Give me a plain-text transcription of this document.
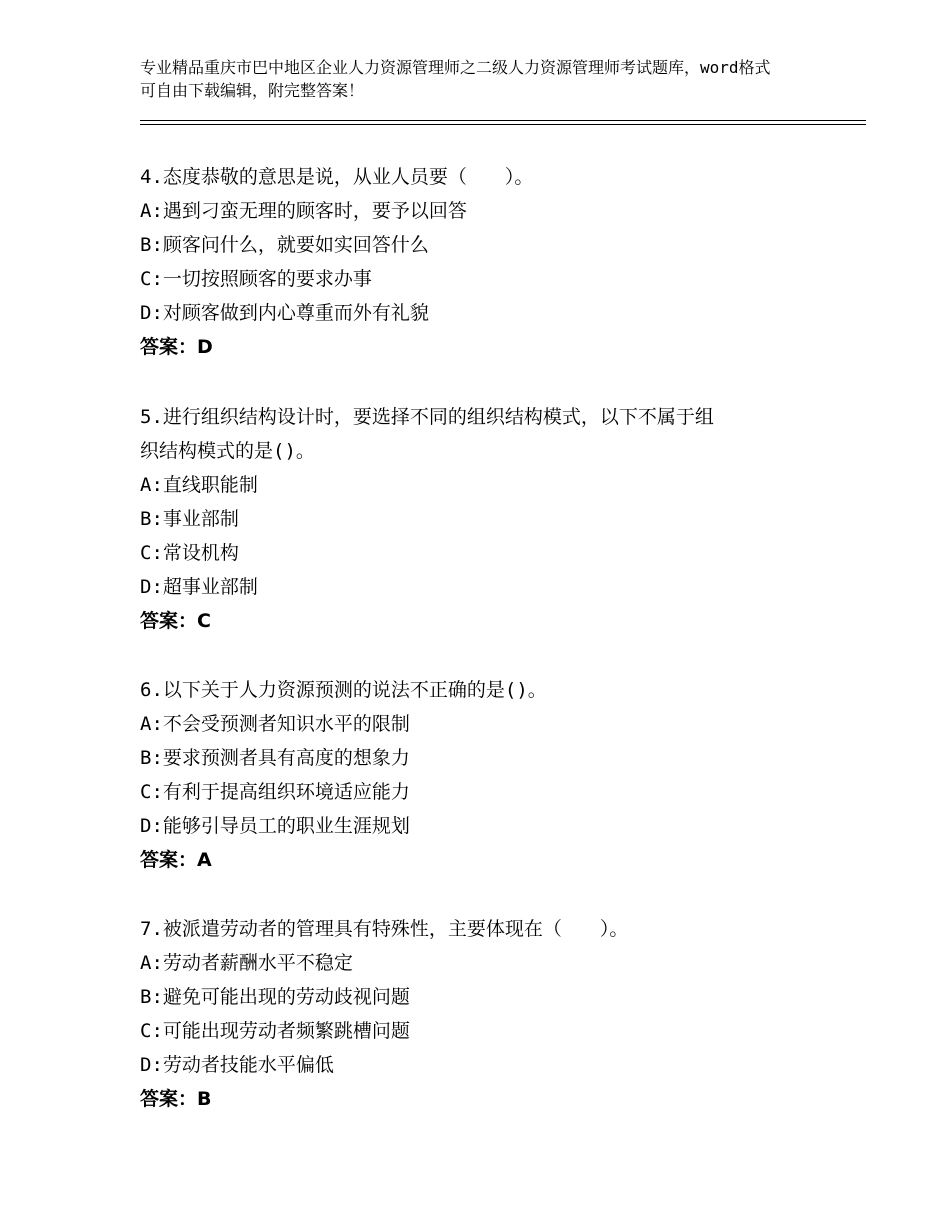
专业精品重庆市巴中地区企业人力资源管理师之二级人力资源管理师考试题库，word格式可自由下载编辑，附完整答案！
4.态度恭敬的意思是说，从业人员要（　　）。
A:遇到刁蛮无理的顾客时，要予以回答
B:顾客问什么，就要如实回答什么
C:一切按照顾客的要求办事
D:对顾客做到内心尊重而外有礼貌
答案：D
5.进行组织结构设计时，要选择不同的组织结构模式，以下不属于组
织结构模式的是()。
A:直线职能制
B:事业部制
C:常设机构
D:超事业部制
答案：C
6.以下关于人力资源预测的说法不正确的是()。
A:不会受预测者知识水平的限制
B:要求预测者具有高度的想象力
C:有利于提高组织环境适应能力
D:能够引导员工的职业生涯规划
答案：A
7.被派遣劳动者的管理具有特殊性，主要体现在（　　）。
A:劳动者薪酬水平不稳定
B:避免可能出现的劳动歧视问题
C:可能出现劳动者频繁跳槽问题
D:劳动者技能水平偏低
答案：B
